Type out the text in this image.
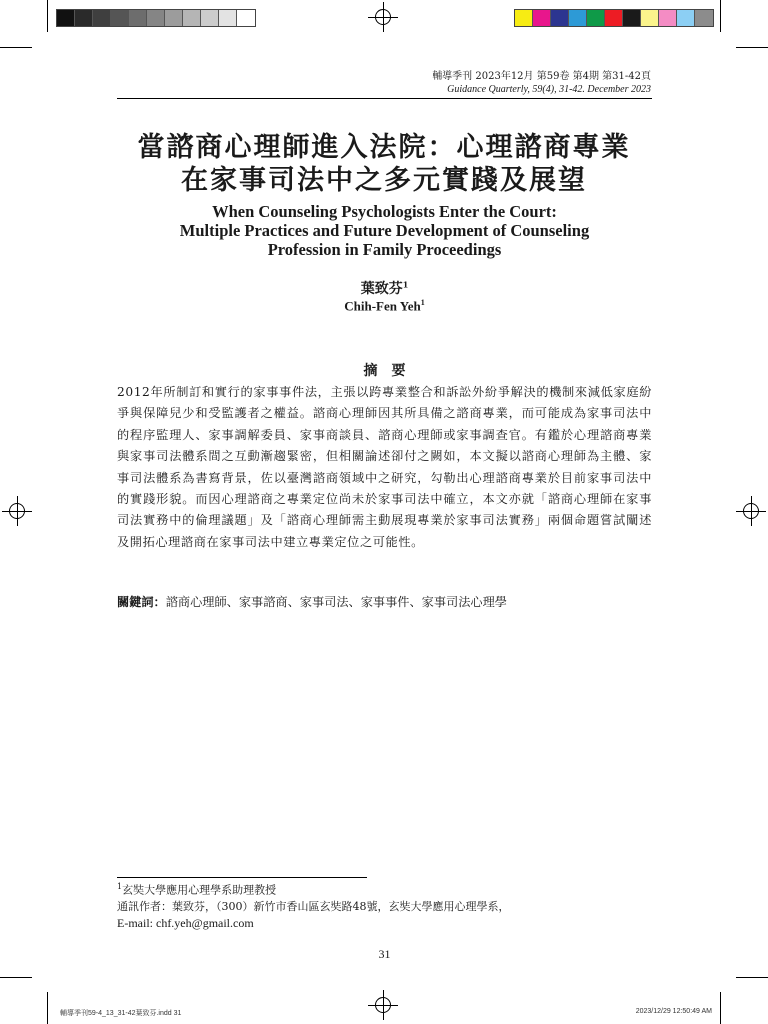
輔導季刊 2023年12月 第59卷 第4期 第31-42頁
Guidance Quarterly, 59(4), 31-42. December 2023
當諮商心理師進入法院：心理諮商專業
在家事司法中之多元實踐及展望
When Counseling Psychologists Enter the Court:
Multiple Practices and Future Development of Counseling
Profession in Family Proceedings
葉致芬$^1$
Chih-Fen Yeh$^1$
摘要
2012年所制訂和實行的家事事件法，主張以跨專業整合和訴訟外紛爭解決的機制來減低家庭紛爭與保障兒少和受監護者之權益。諮商心理師因其所具備之諮商專業，而可能成為家事司法中的程序監理人、家事調解委員、家事商談員、諮商心理師或家事調查官。有鑑於心理諮商專業與家事司法體系間之互動漸趨緊密，但相關論述卻付之闕如，本文擬以諮商心理師為主體、家事司法體系為書寫背景，佐以臺灣諮商領域中之研究，勾勒出心理諮商專業於目前家事司法中的實踐形貌。而因心理諮商之專業定位尚未於家事司法中確立，本文亦就「諮商心理師在家事司法實務中的倫理議題」及「諮商心理師需主動展現專業於家事司法實務」兩個命題嘗試闡述及開拓心理諮商在家事司法中建立專業定位之可能性。
關鍵詞：諮商心理師、家事諮商、家事司法、家事事件、家事司法心理學
$^1$玄奘大學應用心理學系助理教授
通訊作者：葉致芬，（300）新竹市香山區玄奘路48號，玄奘大學應用心理學系，
E-mail: chf.yeh@gmail.com
31
輔導季刊59-4_13_31-42葉致芬.indd 31	2023/12/29 12:50:49 AM
